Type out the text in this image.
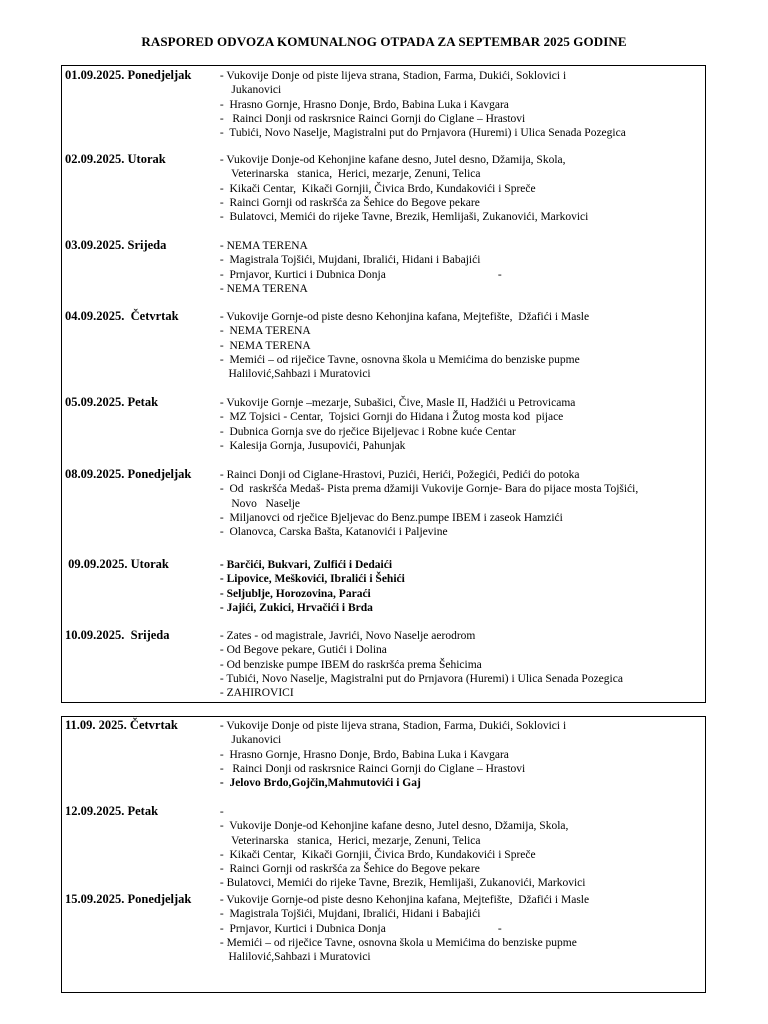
RASPORED ODVOZA KOMUNALNOG OTPADA ZA SEPTEMBAR 2025 GODINE
01.09.2025. Ponedjeljak - Vukovije Donje od piste lijeva strana, Stadion, Farma, Dukići, Soklovici i
Jukanovici
-  Hrasno Gornje, Hrasno Donje, Brdo, Babina Luka i Kavgara
-   Rainci Donji od raskrsnice Rainci Gornji do Ciglane – Hrastovi
-  Tubići, Novo Naselje, Magistralni put do Prnjavora (Huremi) i Ulica Senada Pozegica
02.09.2025. Utorak	- Vukovije Donje-od Kehonjine kafane desno, Jutel desno, Džamija, Skola,
Veterinarska   stanica,  Herici, mezarje, Zenuni, Telica
-  Kikači Centar,  Kikači Gornjii, Čivica Brdo, Kundakovići i Spreče
-  Rainci Gornji od raskršća za Šehice do Begove pekare
-  Bulatovci, Memići do rijeke Tavne, Brezik, Hemlijaši, Zukanovići, Markovici
03.09.2025. Srijeda	- NEMA TERENA
-  Magistrala Tojšići, Mujdani, Ibralići, Hidani i Babajići
-  Prnjavor, Kurtici i Dubnica Donja                                       -
- NEMA TERENA
04.09.2025.  Četvrtak	- Vukovije Gornje-od piste desno Kehonjina kafana, Mejtefište,  Džafići i Masle
-  NEMA TERENA
-  NEMA TERENA
-  Memići – od riječice Tavne, osnovna škola u Memićima do benziske pupme
Halilović,Sahbazi i Muratovici
05.09.2025. Petak	- Vukovije Gornje –mezarje, Subašici, Čive, Masle II, Hadžići u Petrovicama
-  MZ Tojsici - Centar,  Tojsici Gornji do Hidana i Žutog mosta kod  pijace
-  Dubnica Gornja sve do rječice Bijeljevac i Robne kuće Centar
-  Kalesija Gornja, Jusupovići, Pahunjak
08.09.2025. Ponedjeljak - Rainci Donji od Ciglane-Hrastovi, Puzići, Herići, Požegići, Pedići do potoka
-  Od  raskršća Medaš- Pista prema džamiji Vukovije Gornje- Bara do pijace mosta Tojšići,
Novo   Naselje
-  Miljanovci od rječice Bjeljevac do Benz.pumpe IBEM i zaseok Hamzići
-  Olanovca, Carska Bašta, Katanovići i Paljevine
09.09.2025. Utorak	- Barčići, Bukvari, Zulfići i Dedaići
- Lipovice, Meškovići, Ibralići i Šehići
- Seljublje, Horozovina, Paraći
- Jajići, Zukici, Hrvačići i Brda
10.09.2025.  Srijeda	- Zates - od magistrale, Javrići, Novo Naselje aerodrom
- Od Begove pekare, Gutići i Dolina
- Od benziske pumpe IBEM do raskršća prema Šehicima
- Tubići, Novo Naselje, Magistralni put do Prnjavora (Huremi) i Ulica Senada Pozegica
- ZAHIROVICI
11.09. 2025. Četvrtak	- Vukovije Donje od piste lijeva strana, Stadion, Farma, Dukići, Soklovici i
Jukanovici
-  Hrasno Gornje, Hrasno Donje, Brdo, Babina Luka i Kavgara
-   Rainci Donji od raskrsnice Rainci Gornji do Ciglane – Hrastovi
-  Jelovo Brdo,Gojčin,Mahmutovići i Gaj
12.09.2025. Petak	-
-  Vukovije Donje-od Kehonjine kafane desno, Jutel desno, Džamija, Skola,
Veterinarska   stanica,  Herici, mezarje, Zenuni, Telica
-  Kikači Centar,  Kikači Gornjii, Čivica Brdo, Kundakovići i Spreče
-  Rainci Gornji od raskršća za Šehice do Begove pekare
- Bulatovci, Memići do rijeke Tavne, Brezik, Hemlijaši, Zukanovići, Markovici
15.09.2025. Ponedjeljak - Vukovije Gornje-od piste desno Kehonjina kafana, Mejtefište,  Džafići i Masle
-  Magistrala Tojšići, Mujdani, Ibralići, Hidani i Babajići
-  Prnjavor, Kurtici i Dubnica Donja                                       -
- Memići – od riječice Tavne, osnovna škola u Memićima do benziske pupme
Halilović,Sahbazi i Muratovici
